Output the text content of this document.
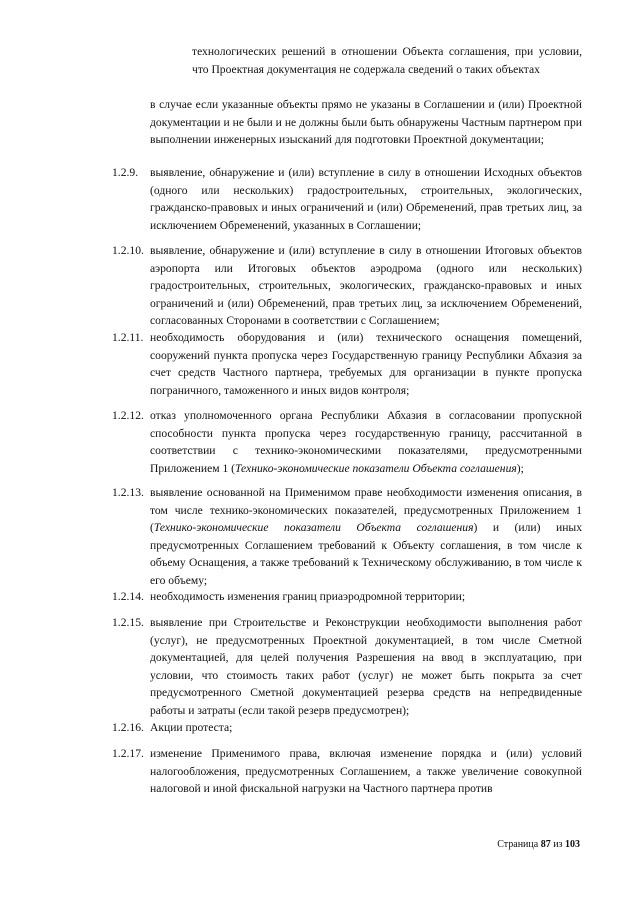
технологических решений в отношении Объекта соглашения, при условии, что Проектная документация не содержала сведений о таких объектах

в случае если указанные объекты прямо не указаны в Соглашении и (или) Проектной документации и не были и не должны были быть обнаружены Частным партнером при выполнении инженерных изысканий для подготовки Проектной документации;

1.2.9.	выявление, обнаружение и (или) вступление в силу в отношении Исходных объектов (одного или нескольких) градостроительных, строительных, экологических, гражданско-правовых и иных ограничений и (или) Обременений, прав третьих лиц, за исключением Обременений, указанных в Соглашении;
1.2.10. выявление, обнаружение и (или) вступление в силу в отношении Итоговых объектов аэропорта или Итоговых объектов аэродрома (одного или нескольких) градостроительных, строительных, экологических, гражданско-правовых и иных ограничений и (или) Обременений, прав третьих лиц, за исключением Обременений, согласованных Сторонами в соответствии с Соглашением;
1.2.11. необходимость оборудования и (или) технического оснащения помещений, сооружений пункта пропуска через Государственную границу Республики Абхазия за счет средств Частного партнера, требуемых для организации в пункте пропуска пограничного, таможенного и иных видов контроля;
1.2.12. отказ уполномоченного органа Республики Абхазия в согласовании пропускной способности пункта пропуска через государственную границу, рассчитанной в соответствии с технико-экономическими показателями, предусмотренными Приложением 1 (Технико-экономические показатели Объекта соглашения);
1.2.13. выявление основанной на Применимом праве необходимости изменения описания, в том числе технико-экономических показателей, предусмотренных Приложением 1 (Технико-экономические показатели Объекта соглашения) и (или) иных предусмотренных Соглашением требований к Объекту соглашения, в том числе к объему Оснащения, а также требований к Техническому обслуживанию, в том числе к его объему;
1.2.14. необходимость изменения границ приаэродромной территории;
1.2.15. выявление при Строительстве и Реконструкции необходимости выполнения работ (услуг), не предусмотренных Проектной документацией, в том числе Сметной документацией, для целей получения Разрешения на ввод в эксплуатацию, при условии, что стоимость таких работ (услуг) не может быть покрыта за счет предусмотренного Сметной документацией резерва средств на непредвиденные работы и затраты (если такой резерв предусмотрен);
1.2.16. Акции протеста;
1.2.17. изменение Применимого права, включая изменение порядка и (или) условий налогообложения, предусмотренных Соглашением, а также увеличение совокупной налоговой и иной фискальной нагрузки на Частного партнера против
Страница 87 из 103
